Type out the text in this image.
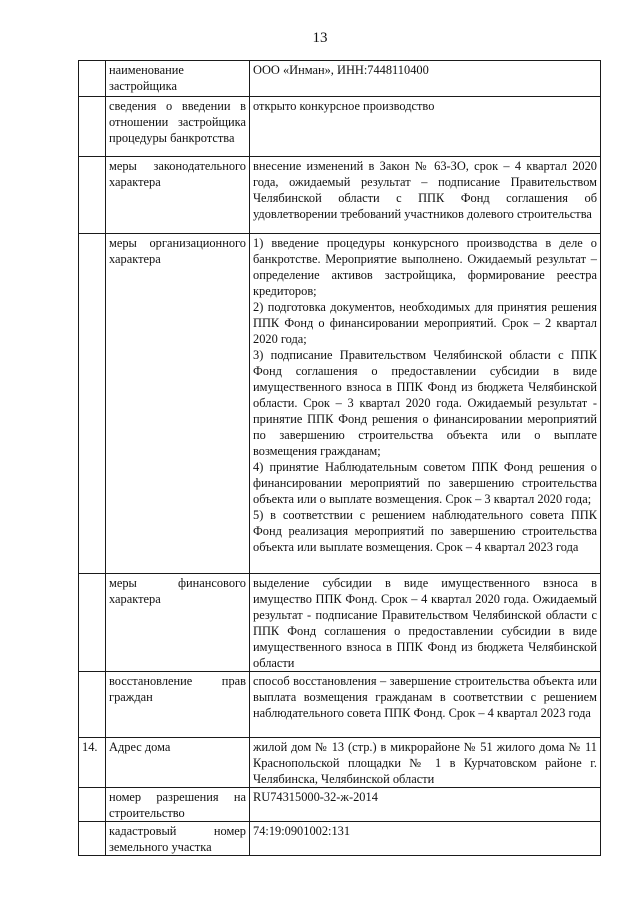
13
	наименование застройщика	ООО «Инман», ИНН:7448110400

	сведения о введении в отношении застройщика процедуры банкротства	открыто конкурсное производство

	меры законодательного характера	внесение изменений в Закон № 63-ЗО, срок – 4 квартал 2020 года, ожидаемый результат – подписание Правительством Челябинской области с ППК Фонд соглашения об удовлетворении требований участников долевого строительства

	меры организационного характера	1) введение процедуры конкурсного производства в деле о банкротстве. Мероприятие выполнено. Ожидаемый результат – определение активов застройщика, формирование реестра кредиторов;
2) подготовка документов, необходимых для принятия решения ППК Фонд о финансировании мероприятий. Срок – 2 квартал 2020 года;
3) подписание Правительством Челябинской области с ППК Фонд соглашения о предоставлении субсидии в виде имущественного взноса в ППК Фонд из бюджета Челябинской области. Срок – 3 квартал 2020 года. Ожидаемый результат - принятие ППК Фонд решения о финансировании мероприятий по завершению строительства объекта или о выплате возмещения гражданам;
4) принятие Наблюдательным советом ППК Фонд решения о финансировании мероприятий по завершению строительства объекта или о выплате возмещения. Срок – 3 квартал 2020 года;
5) в соответствии с решением наблюдательного совета ППК Фонд реализация мероприятий по завершению строительства объекта или выплате возмещения. Срок – 4 квартал 2023 года

	меры финансового характера	выделение субсидии в виде имущественного взноса в имущество ППК Фонд. Срок – 4 квартал 2020 года. Ожидаемый результат - подписание Правительством Челябинской области с ППК Фонд соглашения о предоставлении субсидии в виде имущественного взноса в ППК Фонд из бюджета Челябинской области

	восстановление прав граждан	способ восстановления – завершение строительства объекта или выплата возмещения гражданам в соответствии с решением наблюдательного совета ППК Фонд. Срок – 4 квартал 2023 года

14.	Адрес дома	жилой дом № 13 (стр.) в микрорайоне № 51 жилого дома № 11 Краснопольской площадки № 1 в Курчатовском районе г. Челябинска, Челябинской области

	номер разрешения на строительство	RU74315000-32-ж-2014

	кадастровый номер земельного участка	74:19:0901002:131
